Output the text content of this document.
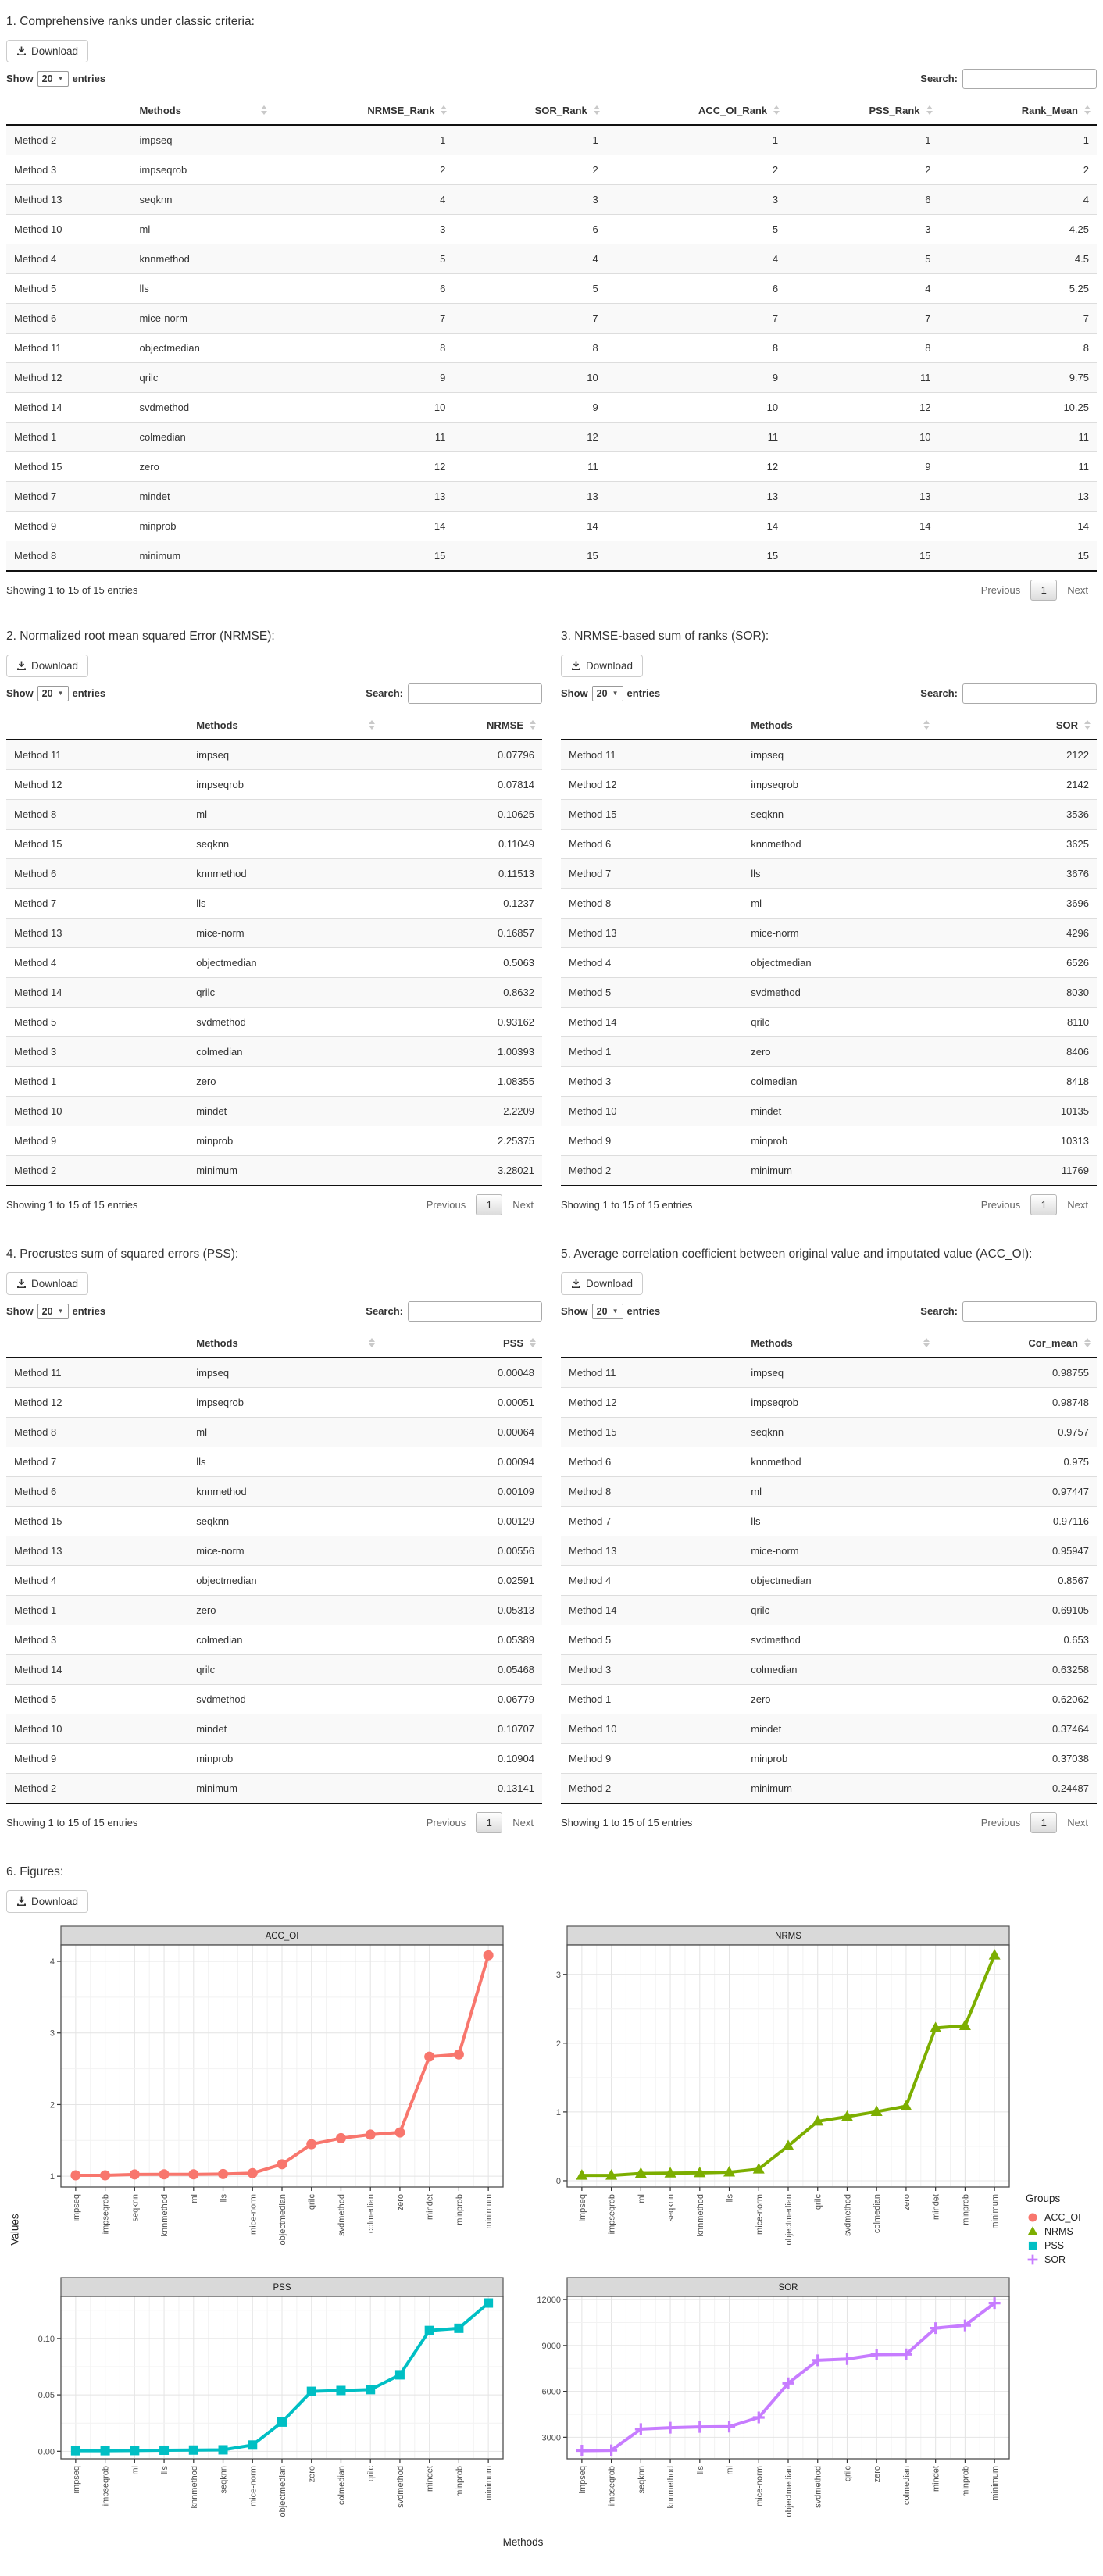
1. Comprehensive ranks under classic criteria:
Download
Show 20 ▼ entries	Search:
	Methods	NRMSE_Rank	SOR_Rank	ACC_OI_Rank	PSS_Rank	Rank_Mean

Method 2	impseq	1	1	1	1	1
Method 3	impseqrob	2	2	2	2	2
Method 13	seqknn	4	3	3	6	4
Method 10	ml	3	6	5	3	4.25
Method 4	knnmethod	5	4	4	5	4.5
Method 5	lls	6	5	6	4	5.25
Method 6	mice-norm	7	7	7	7	7
Method 11	objectmedian	8	8	8	8	8
Method 12	qrilc	9	10	9	11	9.75
Method 14	svdmethod	10	9	10	12	10.25
Method 1	colmedian	11	12	11	10	11
Method 15	zero	12	11	12	9	11
Method 7	mindet	13	13	13	13	13
Method 9	minprob	14	14	14	14	14
Method 8	minimum	15	15	15	15	15
Showing 1 to 15 of 15 entries	Previous	1	Next
2. Normalized root mean squared Error (NRMSE):
Download
Show 20 ▼ entries	Search:
	Methods	NRMSE

Method 11	impseq	0.07796
Method 12	impseqrob	0.07814
Method 8	ml	0.10625
Method 15	seqknn	0.11049
Method 6	knnmethod	0.11513
Method 7	lls	0.1237
Method 13	mice-norm	0.16857
Method 4	objectmedian	0.5063
Method 14	qrilc	0.8632
Method 5	svdmethod	0.93162
Method 3	colmedian	1.00393
Method 1	zero	1.08355
Method 10	mindet	2.2209
Method 9	minprob	2.25375
Method 2	minimum	3.28021
Showing 1 to 15 of 15 entries	Previous	1	Next
3. NRMSE-based sum of ranks (SOR):
Download
Show 20 ▼ entries	Search:
	Methods	SOR

Method 11	impseq	2122
Method 12	impseqrob	2142
Method 15	seqknn	3536
Method 6	knnmethod	3625
Method 7	lls	3676
Method 8	ml	3696
Method 13	mice-norm	4296
Method 4	objectmedian	6526
Method 5	svdmethod	8030
Method 14	qrilc	8110
Method 1	zero	8406
Method 3	colmedian	8418
Method 10	mindet	10135
Method 9	minprob	10313
Method 2	minimum	11769
Showing 1 to 15 of 15 entries	Previous	1	Next
4. Procrustes sum of squared errors (PSS):
Download
Show 20 ▼ entries	Search:
	Methods	PSS

Method 11	impseq	0.00048
Method 12	impseqrob	0.00051
Method 8	ml	0.00064
Method 7	lls	0.00094
Method 6	knnmethod	0.00109
Method 15	seqknn	0.00129
Method 13	mice-norm	0.00556
Method 4	objectmedian	0.02591
Method 1	zero	0.05313
Method 3	colmedian	0.05389
Method 14	qrilc	0.05468
Method 5	svdmethod	0.06779
Method 10	mindet	0.10707
Method 9	minprob	0.10904
Method 2	minimum	0.13141
Showing 1 to 15 of 15 entries	Previous	1	Next
5. Average correlation coefficient between original value and imputated value (ACC_OI):
Download
Show 20 ▼ entries	Search:
	Methods	Cor_mean

Method 11	impseq	0.98755
Method 12	impseqrob	0.98748
Method 15	seqknn	0.9757
Method 6	knnmethod	0.975
Method 8	ml	0.97447
Method 7	lls	0.97116
Method 13	mice-norm	0.95947
Method 4	objectmedian	0.8567
Method 14	qrilc	0.69105
Method 5	svdmethod	0.653
Method 3	colmedian	0.63258
Method 1	zero	0.62062
Method 10	mindet	0.37464
Method 9	minprob	0.37038
Method 2	minimum	0.24487
Showing 1 to 15 of 15 entries	Previous	1	Next
6. Figures:
Download
Values
ACC_OI
1
2
3
4
impseq impseqrob seqknn knnmethod ml lls mice-norm objectmedian qrilc svdmethod colmedian zero mindet minprob minimum
NRMS
0
1
2
3
impseq impseqrob ml seqknn knnmethod lls mice-norm objectmedian qrilc svdmethod colmedian zero mindet minprob minimum
PSS
0.00
0.05
0.10
impseq impseqrob ml lls knnmethod seqknn mice-norm objectmedian zero colmedian qrilc svdmethod mindet minprob minimum
SOR
3000
6000
9000
12000
impseq impseqrob seqknn knnmethod lls ml mice-norm objectmedian svdmethod qrilc zero colmedian mindet minprob minimum
Groups
ACC_OI
NRMS
PSS
SOR
Methods
